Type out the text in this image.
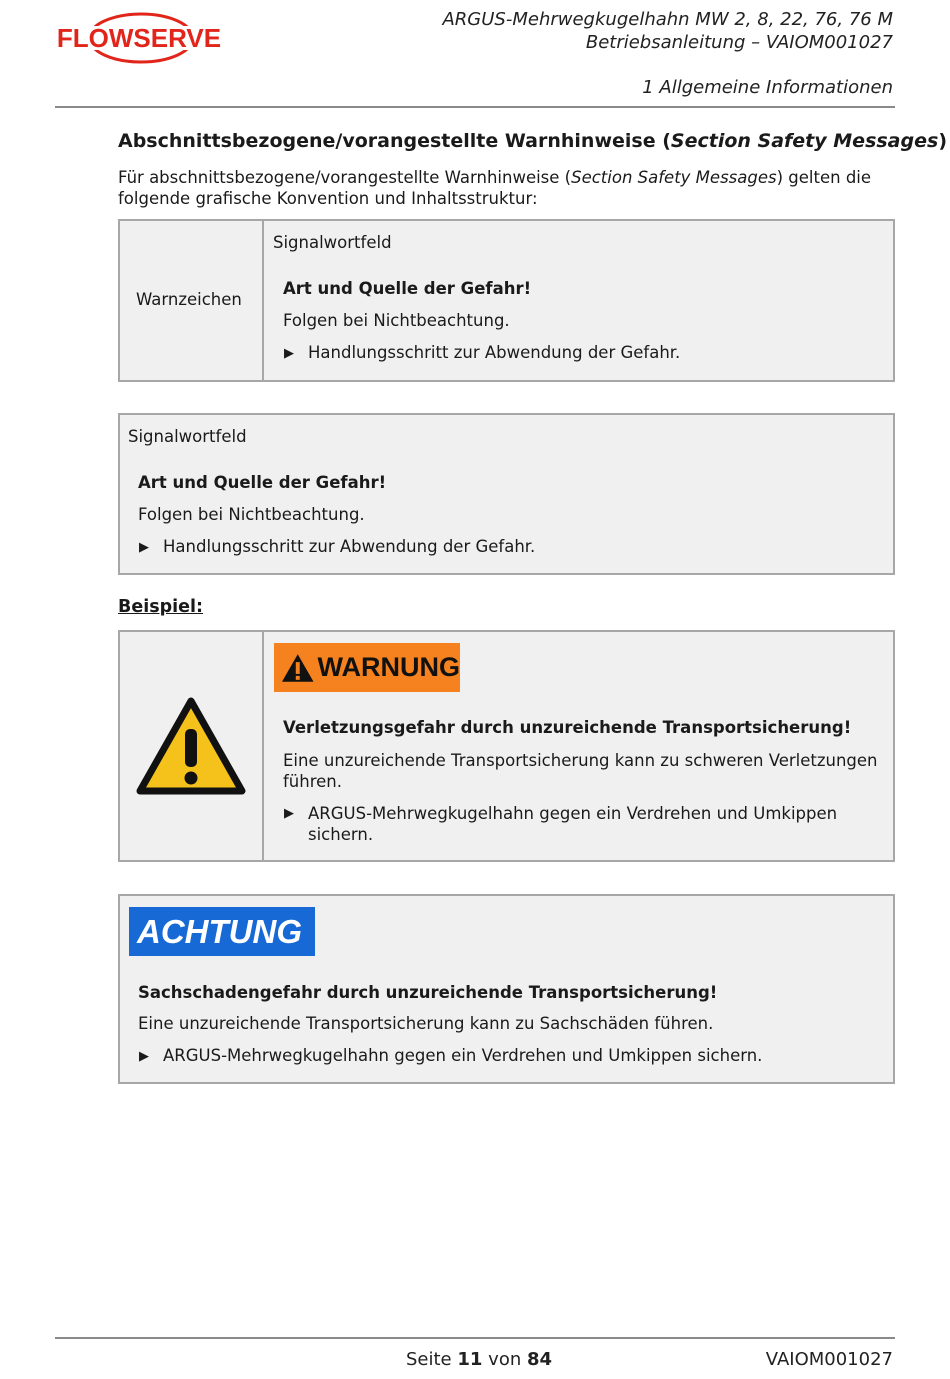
FLOWSERVE
ARGUS-Mehrwegkugelhahn MW 2, 8, 22, 76, 76 M
Betriebsanleitung – VAIOM001027
1 Allgemeine Informationen
Abschnittsbezogene/vorangestellte Warnhinweise (Section Safety Messages)
Für abschnittsbezogene/vorangestellte Warnhinweise (Section Safety Messages) gelten die folgende grafische Konvention und Inhaltsstruktur:
Warnzeichen
Signalwortfeld
Art und Quelle der Gefahr!
Folgen bei Nichtbeachtung.
▶ Handlungsschritt zur Abwendung der Gefahr.
Signalwortfeld
Art und Quelle der Gefahr!
Folgen bei Nichtbeachtung.
▶ Handlungsschritt zur Abwendung der Gefahr.
Beispiel:
WARNUNG
Verletzungsgefahr durch unzureichende Transportsicherung!
Eine unzureichende Transportsicherung kann zu schweren Verletzungen führen.
▶ ARGUS-Mehrwegkugelhahn gegen ein Verdrehen und Umkippen sichern.
ACHTUNG
Sachschadengefahr durch unzureichende Transportsicherung!
Eine unzureichende Transportsicherung kann zu Sachschäden führen.
▶ ARGUS-Mehrwegkugelhahn gegen ein Verdrehen und Umkippen sichern.
Seite 11 von 84	VAIOM001027
